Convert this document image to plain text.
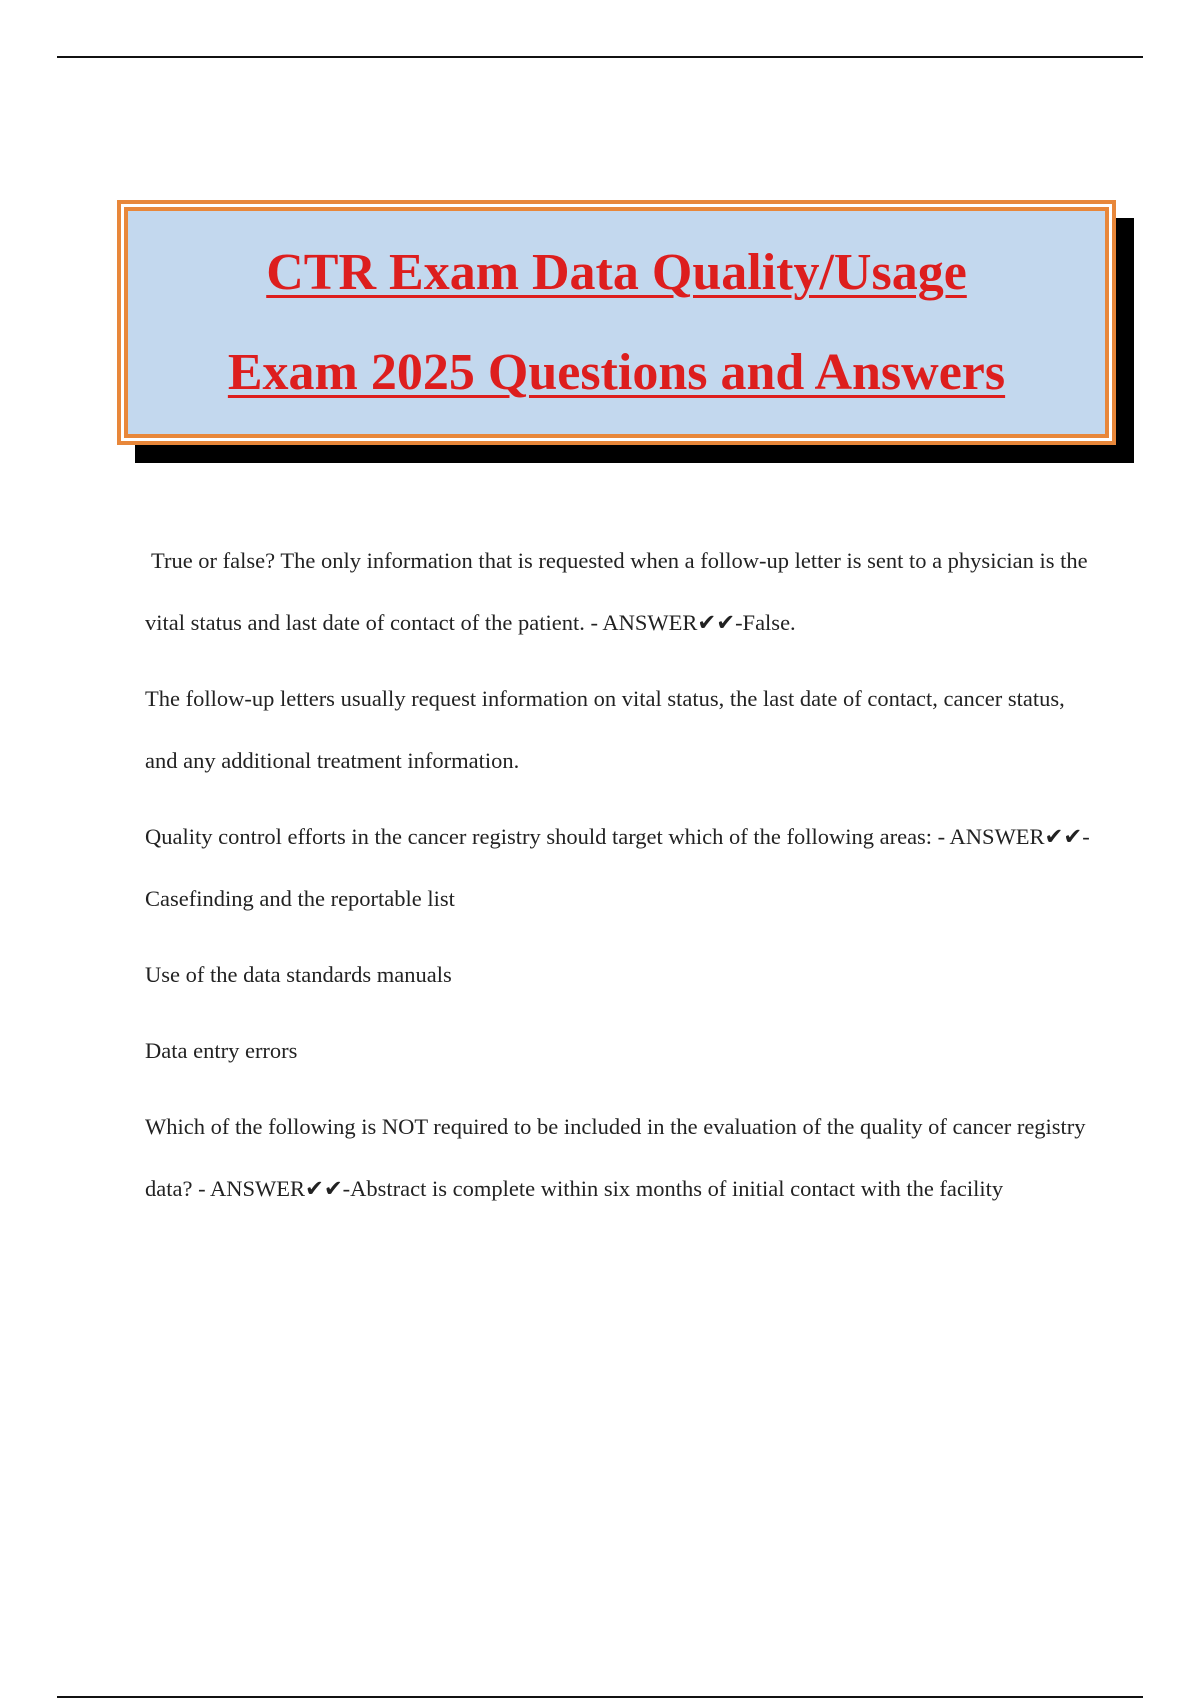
CTR Exam Data Quality/Usage
Exam 2025 Questions and Answers

True or false? The only information that is requested when a follow-up letter is sent to a physician is the vital status and last date of contact of the patient. - ANSWER✔✔-False.

The follow-up letters usually request information on vital status, the last date of contact, cancer status, and any additional treatment information.

Quality control efforts in the cancer registry should target which of the following areas: - ANSWER✔✔-Casefinding and the reportable list

Use of the data standards manuals

Data entry errors

Which of the following is NOT required to be included in the evaluation of the quality of cancer registry data? - ANSWER✔✔-Abstract is complete within six months of initial contact with the facility
